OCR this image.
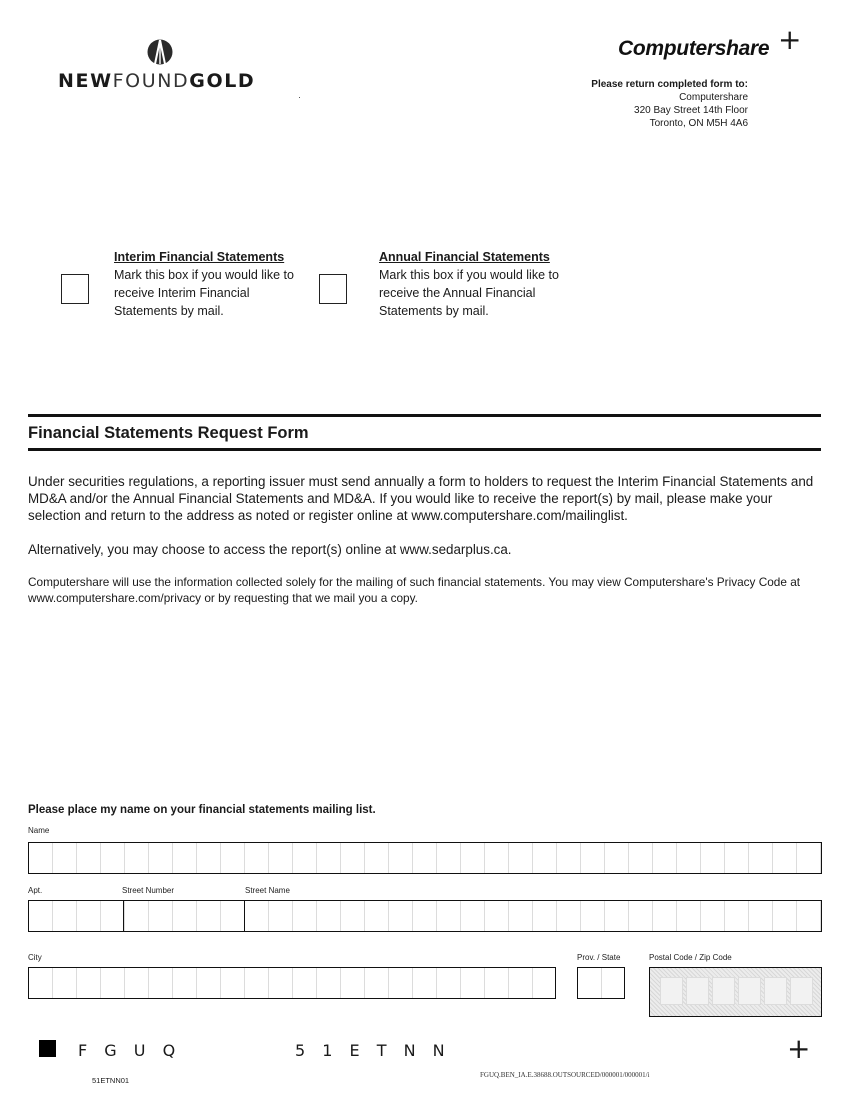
NEWFOUNDGOLD
Computershare +
Please return completed form to:
Computershare
320 Bay Street 14th Floor
Toronto, ON M5H 4A6
Interim Financial Statements
Mark this box if you would like to
receive Interim Financial
Statements by mail.
Annual Financial Statements
Mark this box if you would like to
receive the Annual Financial
Statements by mail.
Financial Statements Request Form
Under securities regulations, a reporting issuer must send annually a form to holders to request the Interim Financial Statements and MD&A and/or the Annual Financial Statements and MD&A. If you would like to receive the report(s) by mail, please make your selection and return to the address as noted or register online at www.computershare.com/mailinglist.
Alternatively, you may choose to access the report(s) online at www.sedarplus.ca.
Computershare will use the information collected solely for the mailing of such financial statements. You may view Computershare's Privacy Code at www.computershare.com/privacy or by requesting that we mail you a copy.
Please place my name on your financial statements mailing list.
Name
Apt.	Street Number	Street Name
City	Prov. / State	Postal Code / Zip Code
F G U Q	5 1 E T N N	+
51ETNN01
FGUQ.BEN_IA.E.38688.OUTSOURCED/000001/000001/i
